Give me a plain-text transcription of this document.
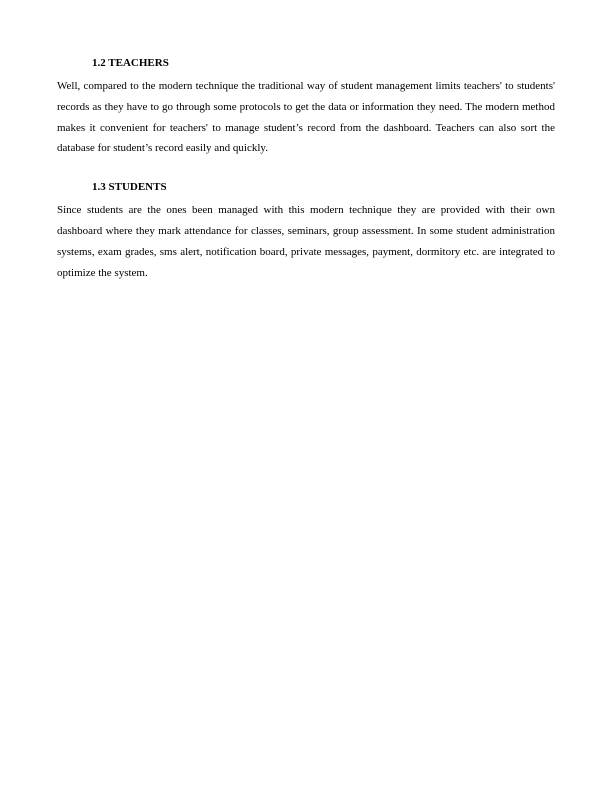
1.2 TEACHERS

Well, compared to the modern technique the traditional way of student management limits teachers' to students' records as they have to go through some protocols to get the data or information they need. The modern method makes it convenient for teachers' to manage student’s record from the dashboard. Teachers can also sort the database for student’s record easily and quickly.

1.3 STUDENTS

Since students are the ones been managed with this modern technique they are provided with their own dashboard where they mark attendance for classes, seminars, group assessment. In some student administration systems, exam grades, sms alert, notification board, private messages, payment, dormitory etc. are integrated to optimize the system.
